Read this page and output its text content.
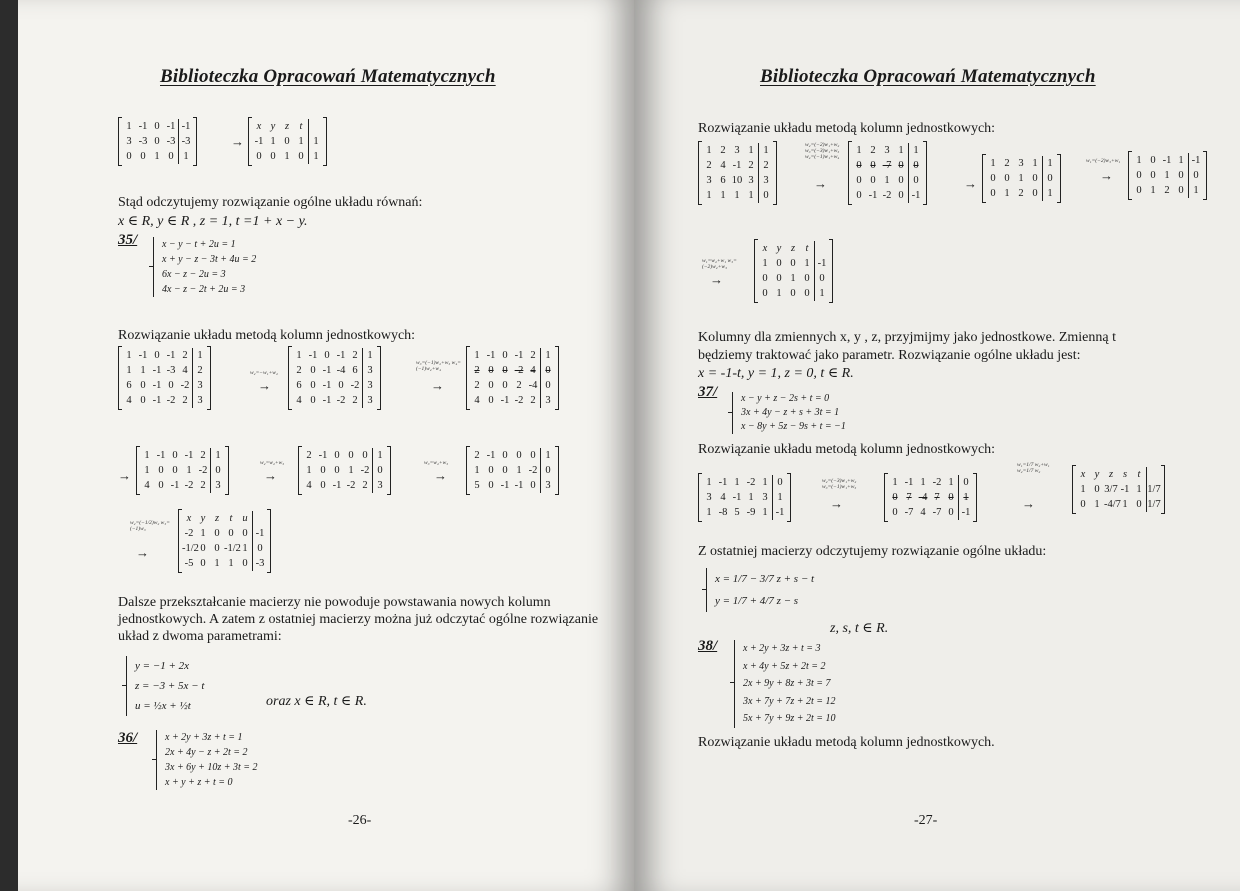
Biblioteczka Opracowań Matematycznych
1 -1 0 -1 -1
3 -3 0 -3 -3
0 0 1 0 1
→
x y z t
-1 1 0 1 1
0 0 1 0 1
Stąd odczytujemy rozwiązanie ogólne układu równań:
x ∈ R, y ∈ R , z = 1, t =1 + x − y.
35/ x − y − t + 2u = 1
x + y − z − 3t + 4u = 2
6x − z − 2u = 3
4x − z − 2t + 2u = 3
Rozwiązanie układu metodą kolumn jednostkowych:
1 -1 0 -1 2 1
1 1 -1 -3 4 2
6 0 -1 0 -2 3
4 0 -1 -2 2 3
w₂=−w₁+w₂
→
1 -1 0 -1 2 1
2 0 -1 -4 6 3
6 0 -1 0 -2 3
4 0 -1 -2 2 3
w₃=(−1)w₂+w₃ w₄=(−1)w₂+w₄
→
1 -1 0 -1 2 1
2 0 0 -2 4 0
2 0 0 2 -4 0
4 0 -1 -2 2 3
→
1 -1 0 -1 2 1
1 0 0 1 -2 0
4 0 -1 -2 2 3
w₂=w₂+w₃
→
2 -1 0 0 0 1
1 0 0 1 -2 0
4 0 -1 -2 2 3
w₃=w₂+w₃
→
2 -1 0 0 0 1
1 0 0 1 -2 0
5 0 -1 -1 0 3
w₂=(−1/2)w₂ w₃=(−1)w₃
→
x y z t u
-2 1 0 0 0 -1
-1/2 0 0 -1/2 1 0
-5 0 1 1 0 -3
Dalsze przekształcanie macierzy nie powoduje powstawania nowych kolumn jednostkowych. A zatem z ostatniej macierzy można już odczytać ogólne rozwiązanie układ z dwoma parametrami:
y = −1 + 2x
z = −3 + 5x − t
u = ½x + ½t	oraz x ∈ R, t ∈ R.
36/	x + 2y + 3z + t = 1
2x + 4y − z + 2t = 2
3x + 6y + 10z + 3t = 2
x + y + z + t = 0
-26-
Biblioteczka Opracowań Matematycznych
Rozwiązanie układu metodą kolumn jednostkowych:
1 2 3 1 1
2 4 -1 2 2
3 6 10 3 3
1 1 1 1 0
w₂=(−2)w₁+w₂ w₃=(−3)w₁+w₃ w₄=(−1)w₁+w₄
→
1 2 3 1 1
0 0 -7 0 0
0 0 1 0 0
0 -1 -2 0 -1
→
1 2 3 1 1
0 0 1 0 0
0 1 2 0 1
w₁=(−2)w₃+w₁
→
1 0 -1 1 -1
0 0 1 0 0
0 1 2 0 1
w₁=w₂+w₁ w₃=(−2)w₂+w₃
→
x y z t
1 0 0 1 -1
0 0 1 0 0
0 1 0 0 1
Kolumny dla zmiennych x, y , z, przyjmijmy jako jednostkowe. Zmienną t
będziemy traktować jako parametr. Rozwiązanie ogólne układu jest:
x = -1-t, y = 1, z = 0, t ∈ R.
37/ x − y + z − 2s + t = 0
3x + 4y − z + s + 3t = 1
x − 8y + 5z − 9s + t = −1
Rozwiązanie układu metodą kolumn jednostkowych:
1 -1 1 -2 1 0
3 4 -1 1 3 1
1 -8 5 -9 1 -1
w₂=(−3)w₁+w₂ w₃=(−1)w₁+w₃
→
1 -1 1 -2 1 0
0 7 -4 7 0 1
0 -7 4 -7 0 -1
w₁=1/7 w₂+w₁ w₂=1/7 w₂
→
x y z s t
1 0 3/7 -1 1 1/7
0 1 -4/7 1 0 1/7
Z ostatniej macierzy odczytujemy rozwiązanie ogólne układu:
x = 1/7 − 3/7 z + s − t
y = 1/7 + 4/7 z − s
z, s, t ∈ R.
38/	x + 2y + 3z + t = 3
x + 4y + 5z + 2t = 2
2x + 9y + 8z + 3t = 7
3x + 7y + 7z + 2t = 12
5x + 7y + 9z + 2t = 10
Rozwiązanie układu metodą kolumn jednostkowych.
-27-
